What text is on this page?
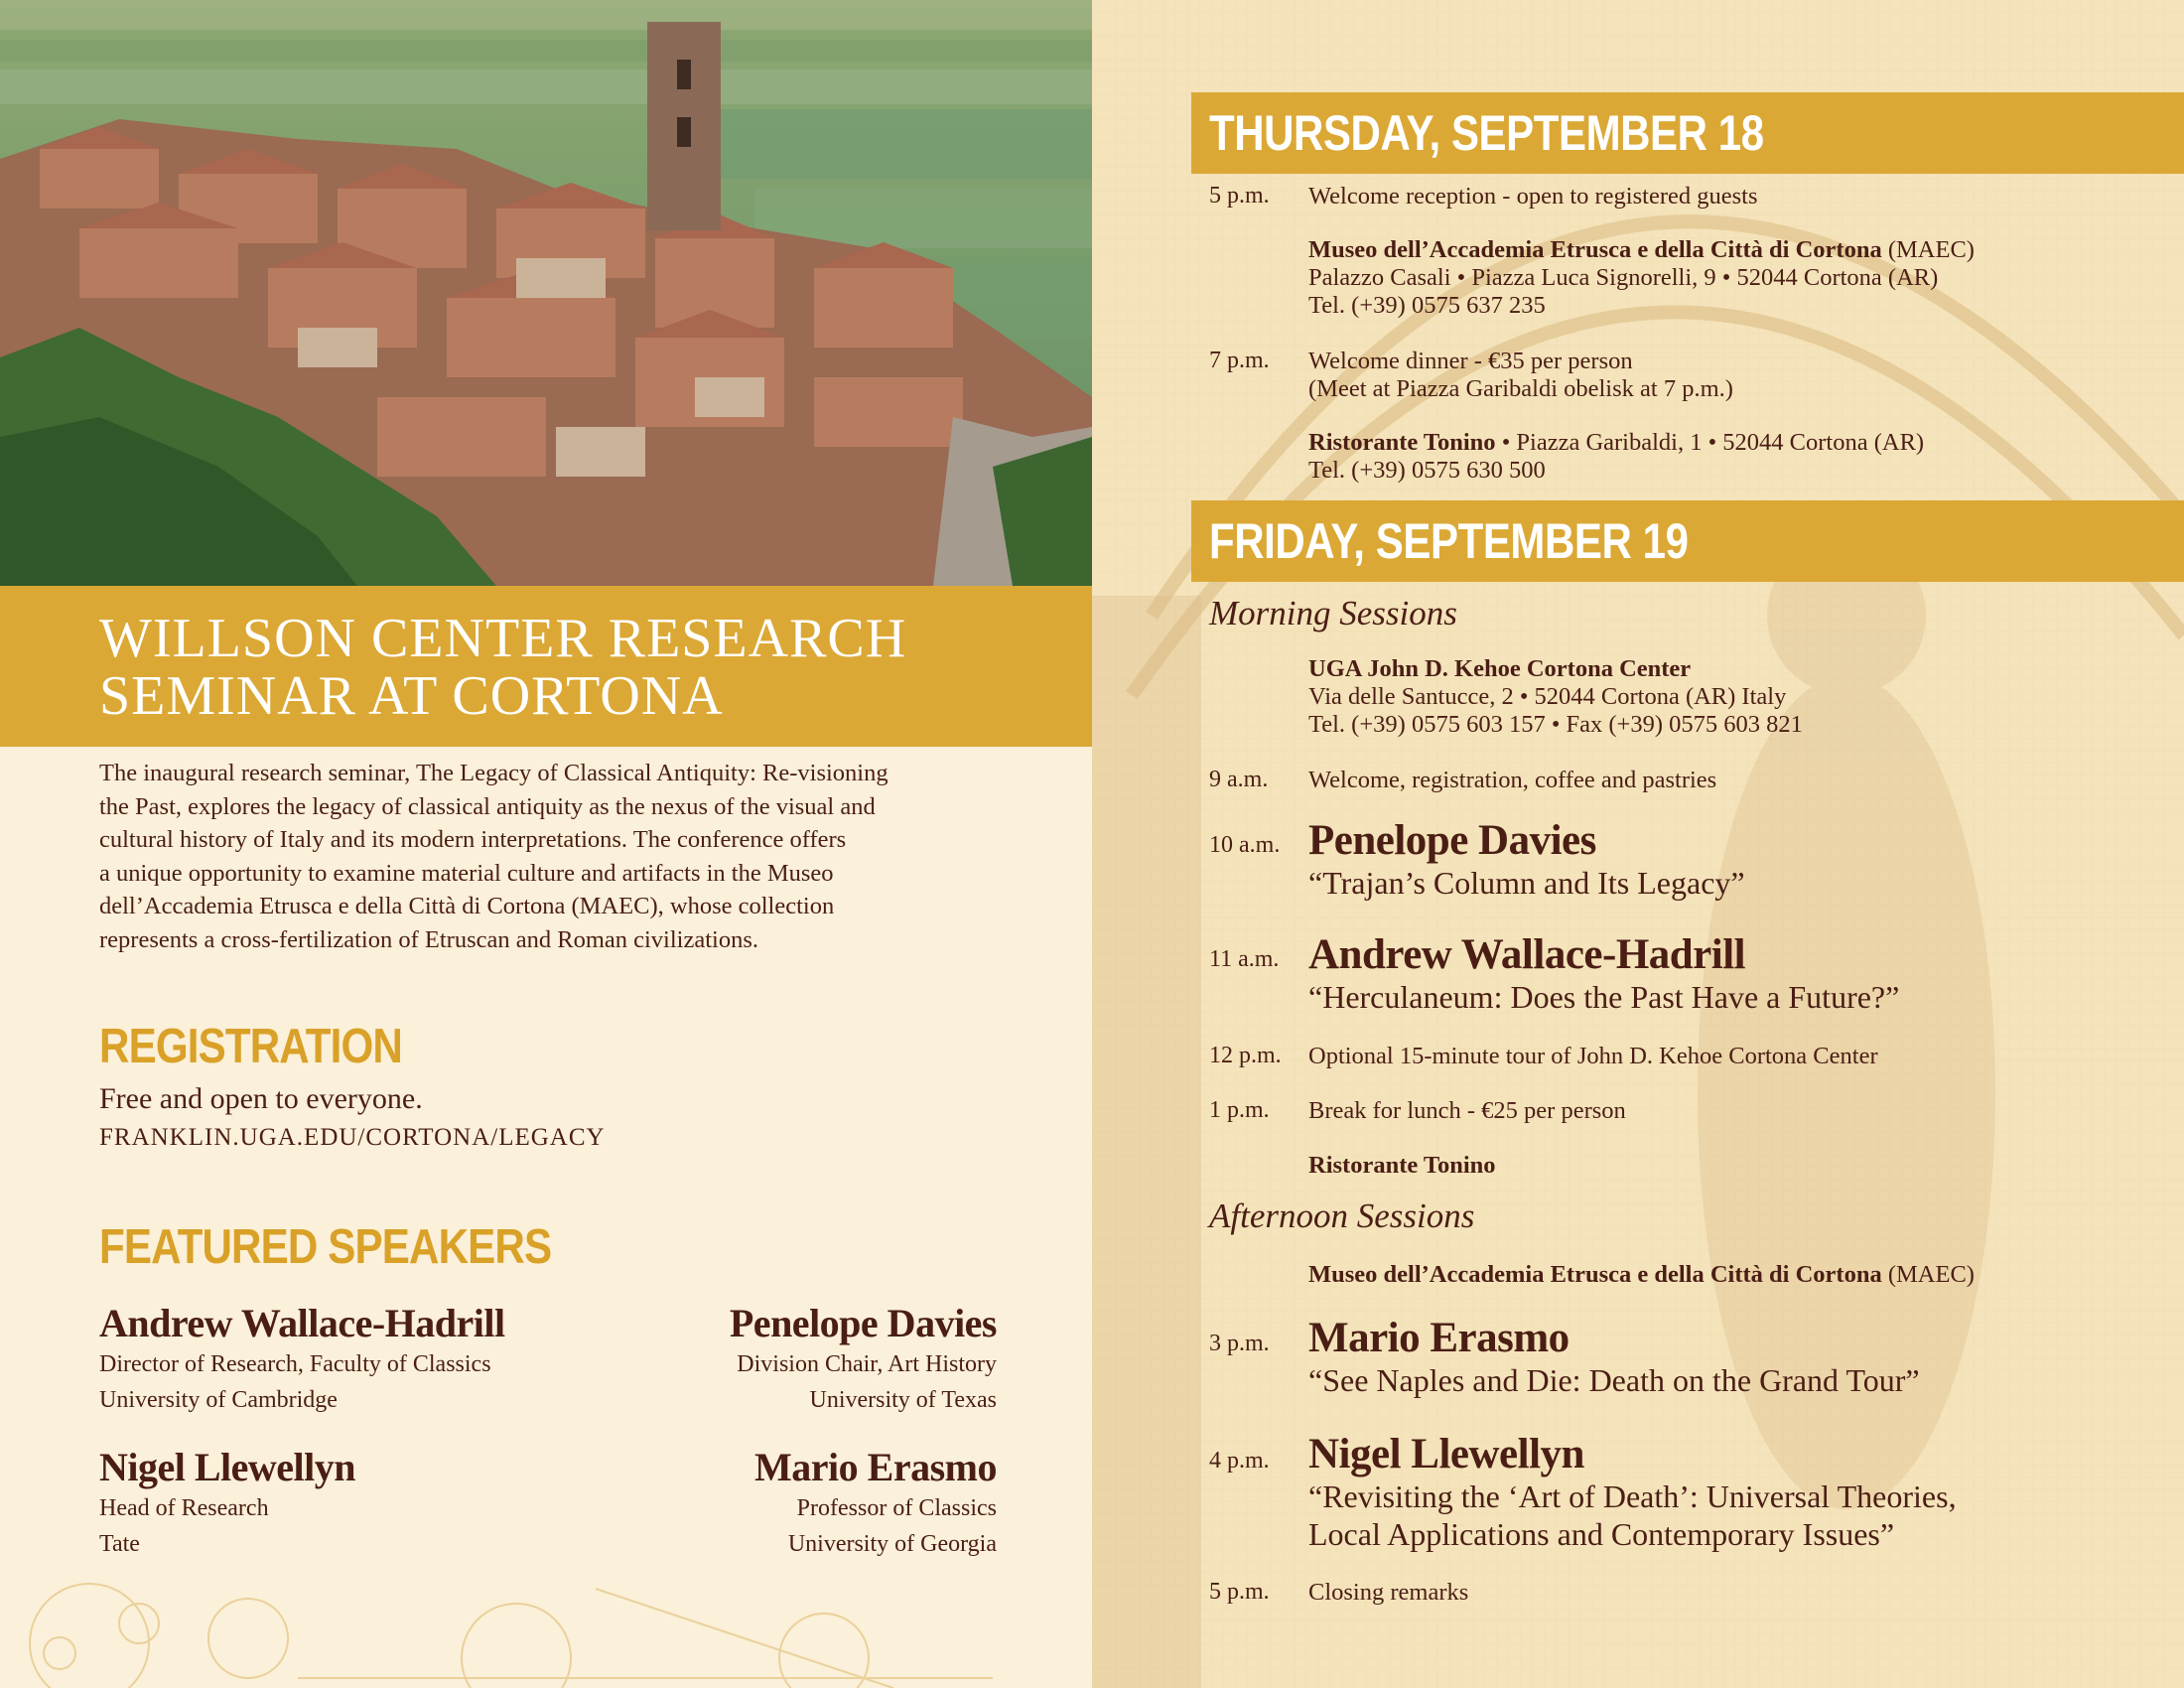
WILLSON CENTER RESEARCH
SEMINAR AT CORTONA
The inaugural research seminar, The Legacy of Classical Antiquity: Re-visioning
the Past, explores the legacy of classical antiquity as the nexus of the visual and
cultural history of Italy and its modern interpretations. The conference offers
a unique opportunity to examine material culture and artifacts in the Museo
dell’Accademia Etrusca e della Città di Cortona (MAEC), whose collection
represents a cross-fertilization of Etruscan and Roman civilizations.
REGISTRATION
Free and open to everyone.
FRANKLIN.UGA.EDU/CORTONA/LEGACY
FEATURED SPEAKERS
Andrew Wallace-Hadrill
Director of Research, Faculty of Classics
University of Cambridge
Penelope Davies
Division Chair, Art History
University of Texas
Nigel Llewellyn
Head of Research
Tate
Mario Erasmo
Professor of Classics
University of Georgia
THURSDAY, SEPTEMBER 18
FRIDAY, SEPTEMBER 19
5 p.m. Welcome reception - open to registered guests
Museo dell’Accademia Etrusca e della Città di Cortona (MAEC)
Palazzo Casali • Piazza Luca Signorelli, 9 • 52044 Cortona (AR)
Tel. (+39) 0575 637 235
7 p.m. Welcome dinner - €35 per person
(Meet at Piazza Garibaldi obelisk at 7 p.m.)
Ristorante Tonino • Piazza Garibaldi, 1 • 52044 Cortona (AR)
Tel. (+39) 0575 630 500
Morning Sessions
UGA John D. Kehoe Cortona Center
Via delle Santucce, 2 • 52044 Cortona (AR) Italy
Tel. (+39) 0575 603 157 • Fax (+39) 0575 603 821
9 a.m. Welcome, registration, coffee and pastries
10 a.m. Penelope Davies
“Trajan’s Column and Its Legacy”
11 a.m. Andrew Wallace-Hadrill
“Herculaneum: Does the Past Have a Future?”
12 p.m. Optional 15-minute tour of John D. Kehoe Cortona Center
1 p.m. Break for lunch - €25 per person
Ristorante Tonino
Afternoon Sessions
Museo dell’Accademia Etrusca e della Città di Cortona (MAEC)
3 p.m. Mario Erasmo
“See Naples and Die: Death on the Grand Tour”
4 p.m. Nigel Llewellyn
“Revisiting the ‘Art of Death’: Universal Theories,
Local Applications and Contemporary Issues”
5 p.m. Closing remarks
